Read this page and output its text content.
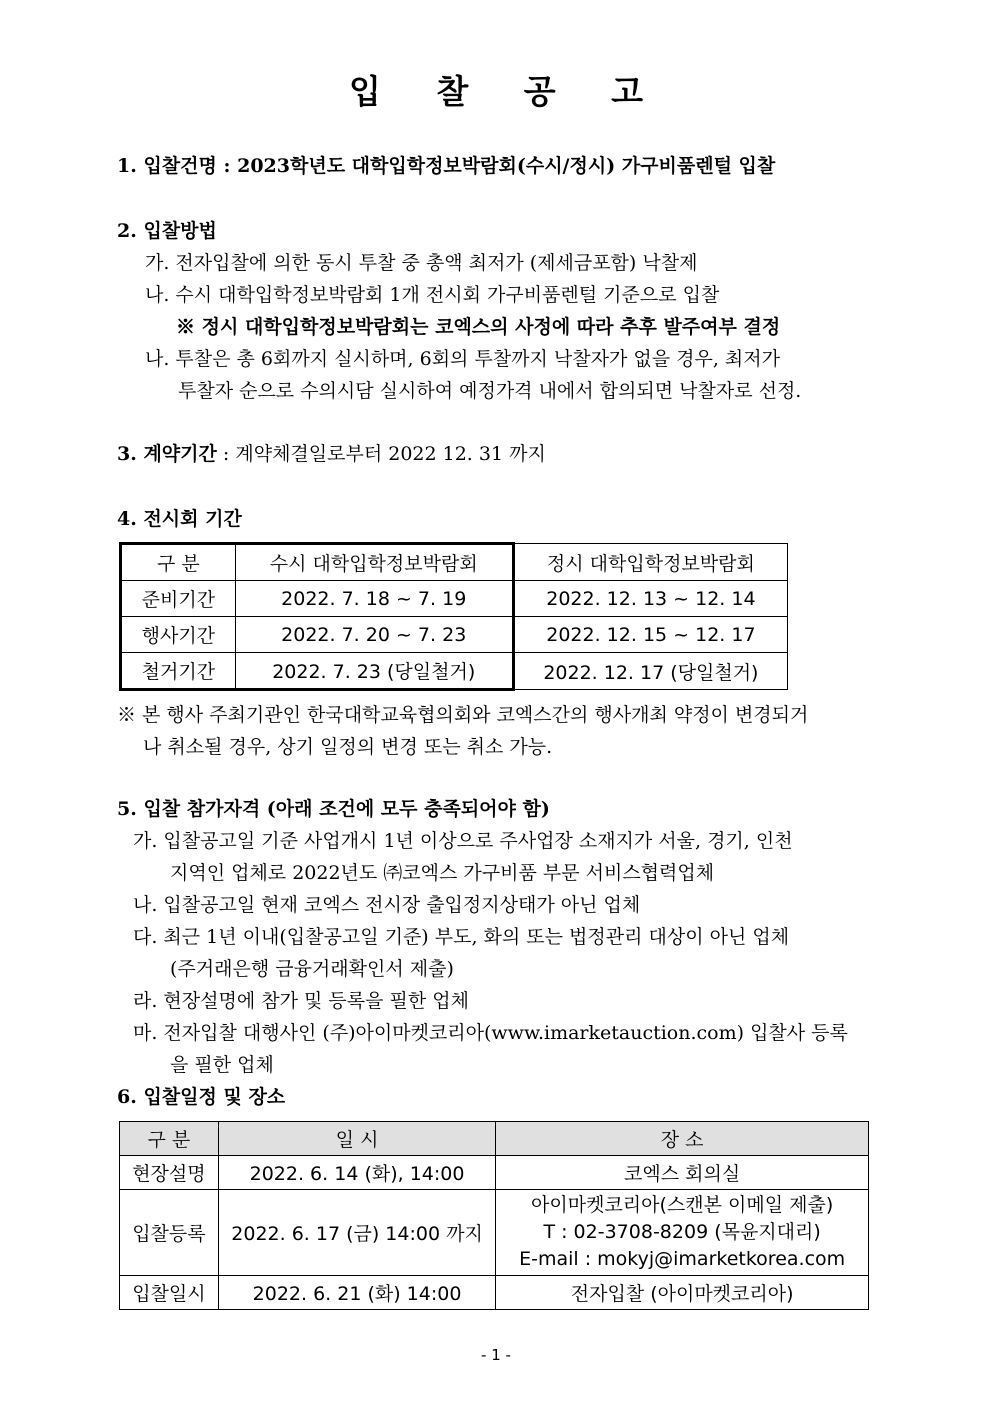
입 찰 공 고
1. 입찰건명 : 2023학년도 대학입학정보박람회(수시/정시) 가구비품렌털 입찰
2. 입찰방법
가. 전자입찰에 의한 동시 투찰 중 총액 최저가 (제세금포함) 낙찰제
나. 수시 대학입학정보박람회 1개 전시회 가구비품렌털 기준으로 입찰
※ 정시 대학입학정보박람회는 코엑스의 사정에 따라 추후 발주여부 결정
나. 투찰은 총 6회까지 실시하며, 6회의 투찰까지 낙찰자가 없을 경우, 최저가
투찰자 순으로 수의시담 실시하여 예정가격 내에서 합의되면 낙찰자로 선정.
3. 계약기간 : 계약체결일로부터 2022 12. 31 까지
4. 전시회 기간
구 분	수시 대학입학정보박람회	정시 대학입학정보박람회
준비기간	2022. 7. 18 ~ 7. 19	2022. 12. 13 ~ 12. 14
행사기간	2022. 7. 20 ~ 7. 23	2022. 12. 15 ~ 12. 17
철거기간	2022. 7. 23 (당일철거)	2022. 12. 17 (당일철거)
※ 본 행사 주최기관인 한국대학교육협의회와 코엑스간의 행사개최 약정이 변경되거
나 취소될 경우, 상기 일정의 변경 또는 취소 가능.
5. 입찰 참가자격 (아래 조건에 모두 충족되어야 함)
가. 입찰공고일 기준 사업개시 1년 이상으로 주사업장 소재지가 서울, 경기, 인천
지역인 업체로 2022년도 ㈜코엑스 가구비품 부문 서비스협력업체
나. 입찰공고일 현재 코엑스 전시장 출입정지상태가 아닌 업체
다. 최근 1년 이내(입찰공고일 기준) 부도, 화의 또는 법정관리 대상이 아닌 업체
(주거래은행 금융거래확인서 제출)
라. 현장설명에 참가 및 등록을 필한 업체
마. 전자입찰 대행사인 (주)아이마켓코리아(www.imarketauction.com) 입찰사 등록
을 필한 업체
6. 입찰일정 및 장소
구 분	일 시	장 소
현장설명	2022. 6. 14 (화), 14:00	코엑스 회의실
입찰등록	2022. 6. 17 (금) 14:00 까지	아이마켓코리아(스캔본 이메일 제출)
T : 02-3708-8209 (목윤지대리)
E-mail : mokyj@imarketkorea.com

입찰일시	2022. 6. 21 (화) 14:00	전자입찰 (아이마켓코리아)
- 1 -
